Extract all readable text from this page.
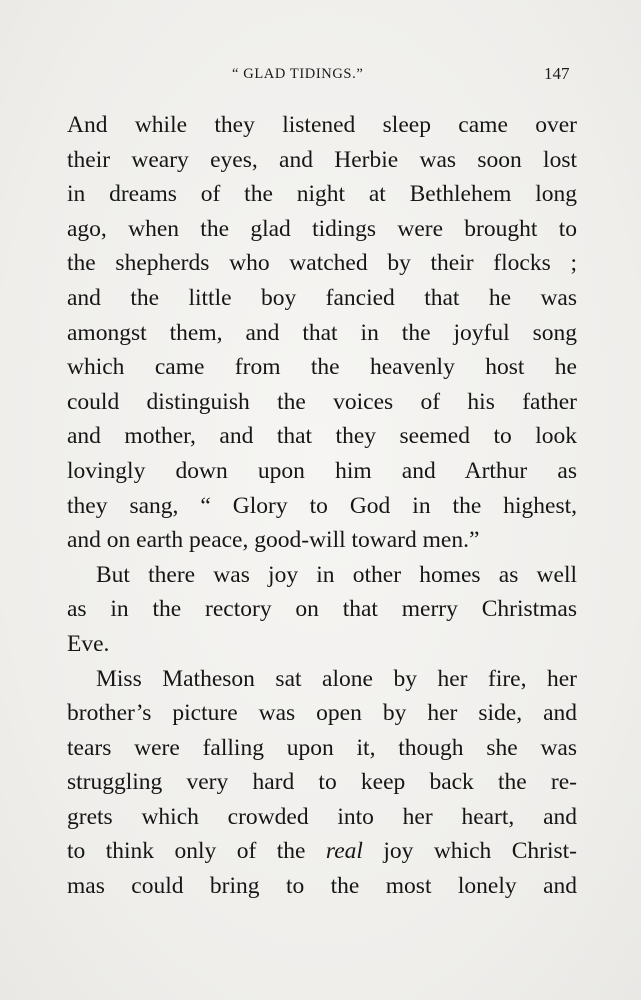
“ GLAD TIDINGS.”	147
And while they listened sleep came over
their weary eyes, and Herbie was soon lost
in dreams of the night at Bethlehem long
ago, when the glad tidings were brought to
the shepherds who watched by their flocks ;
and the little boy fancied that he was
amongst them, and that in the joyful song
which came from the heavenly host he
could distinguish the voices of his father
and mother, and that they seemed to look
lovingly down upon him and Arthur as
they sang, “ Glory to God in the highest,
and on earth peace, good-will toward men.”
But there was joy in other homes as well
as in the rectory on that merry Christmas
Eve.
Miss Matheson sat alone by her fire, her
brother’s picture was open by her side, and
tears were falling upon it, though she was
struggling very hard to keep back the re-
grets which crowded into her heart, and
to think only of the real joy which Christ-
mas could bring to the most lonely and
